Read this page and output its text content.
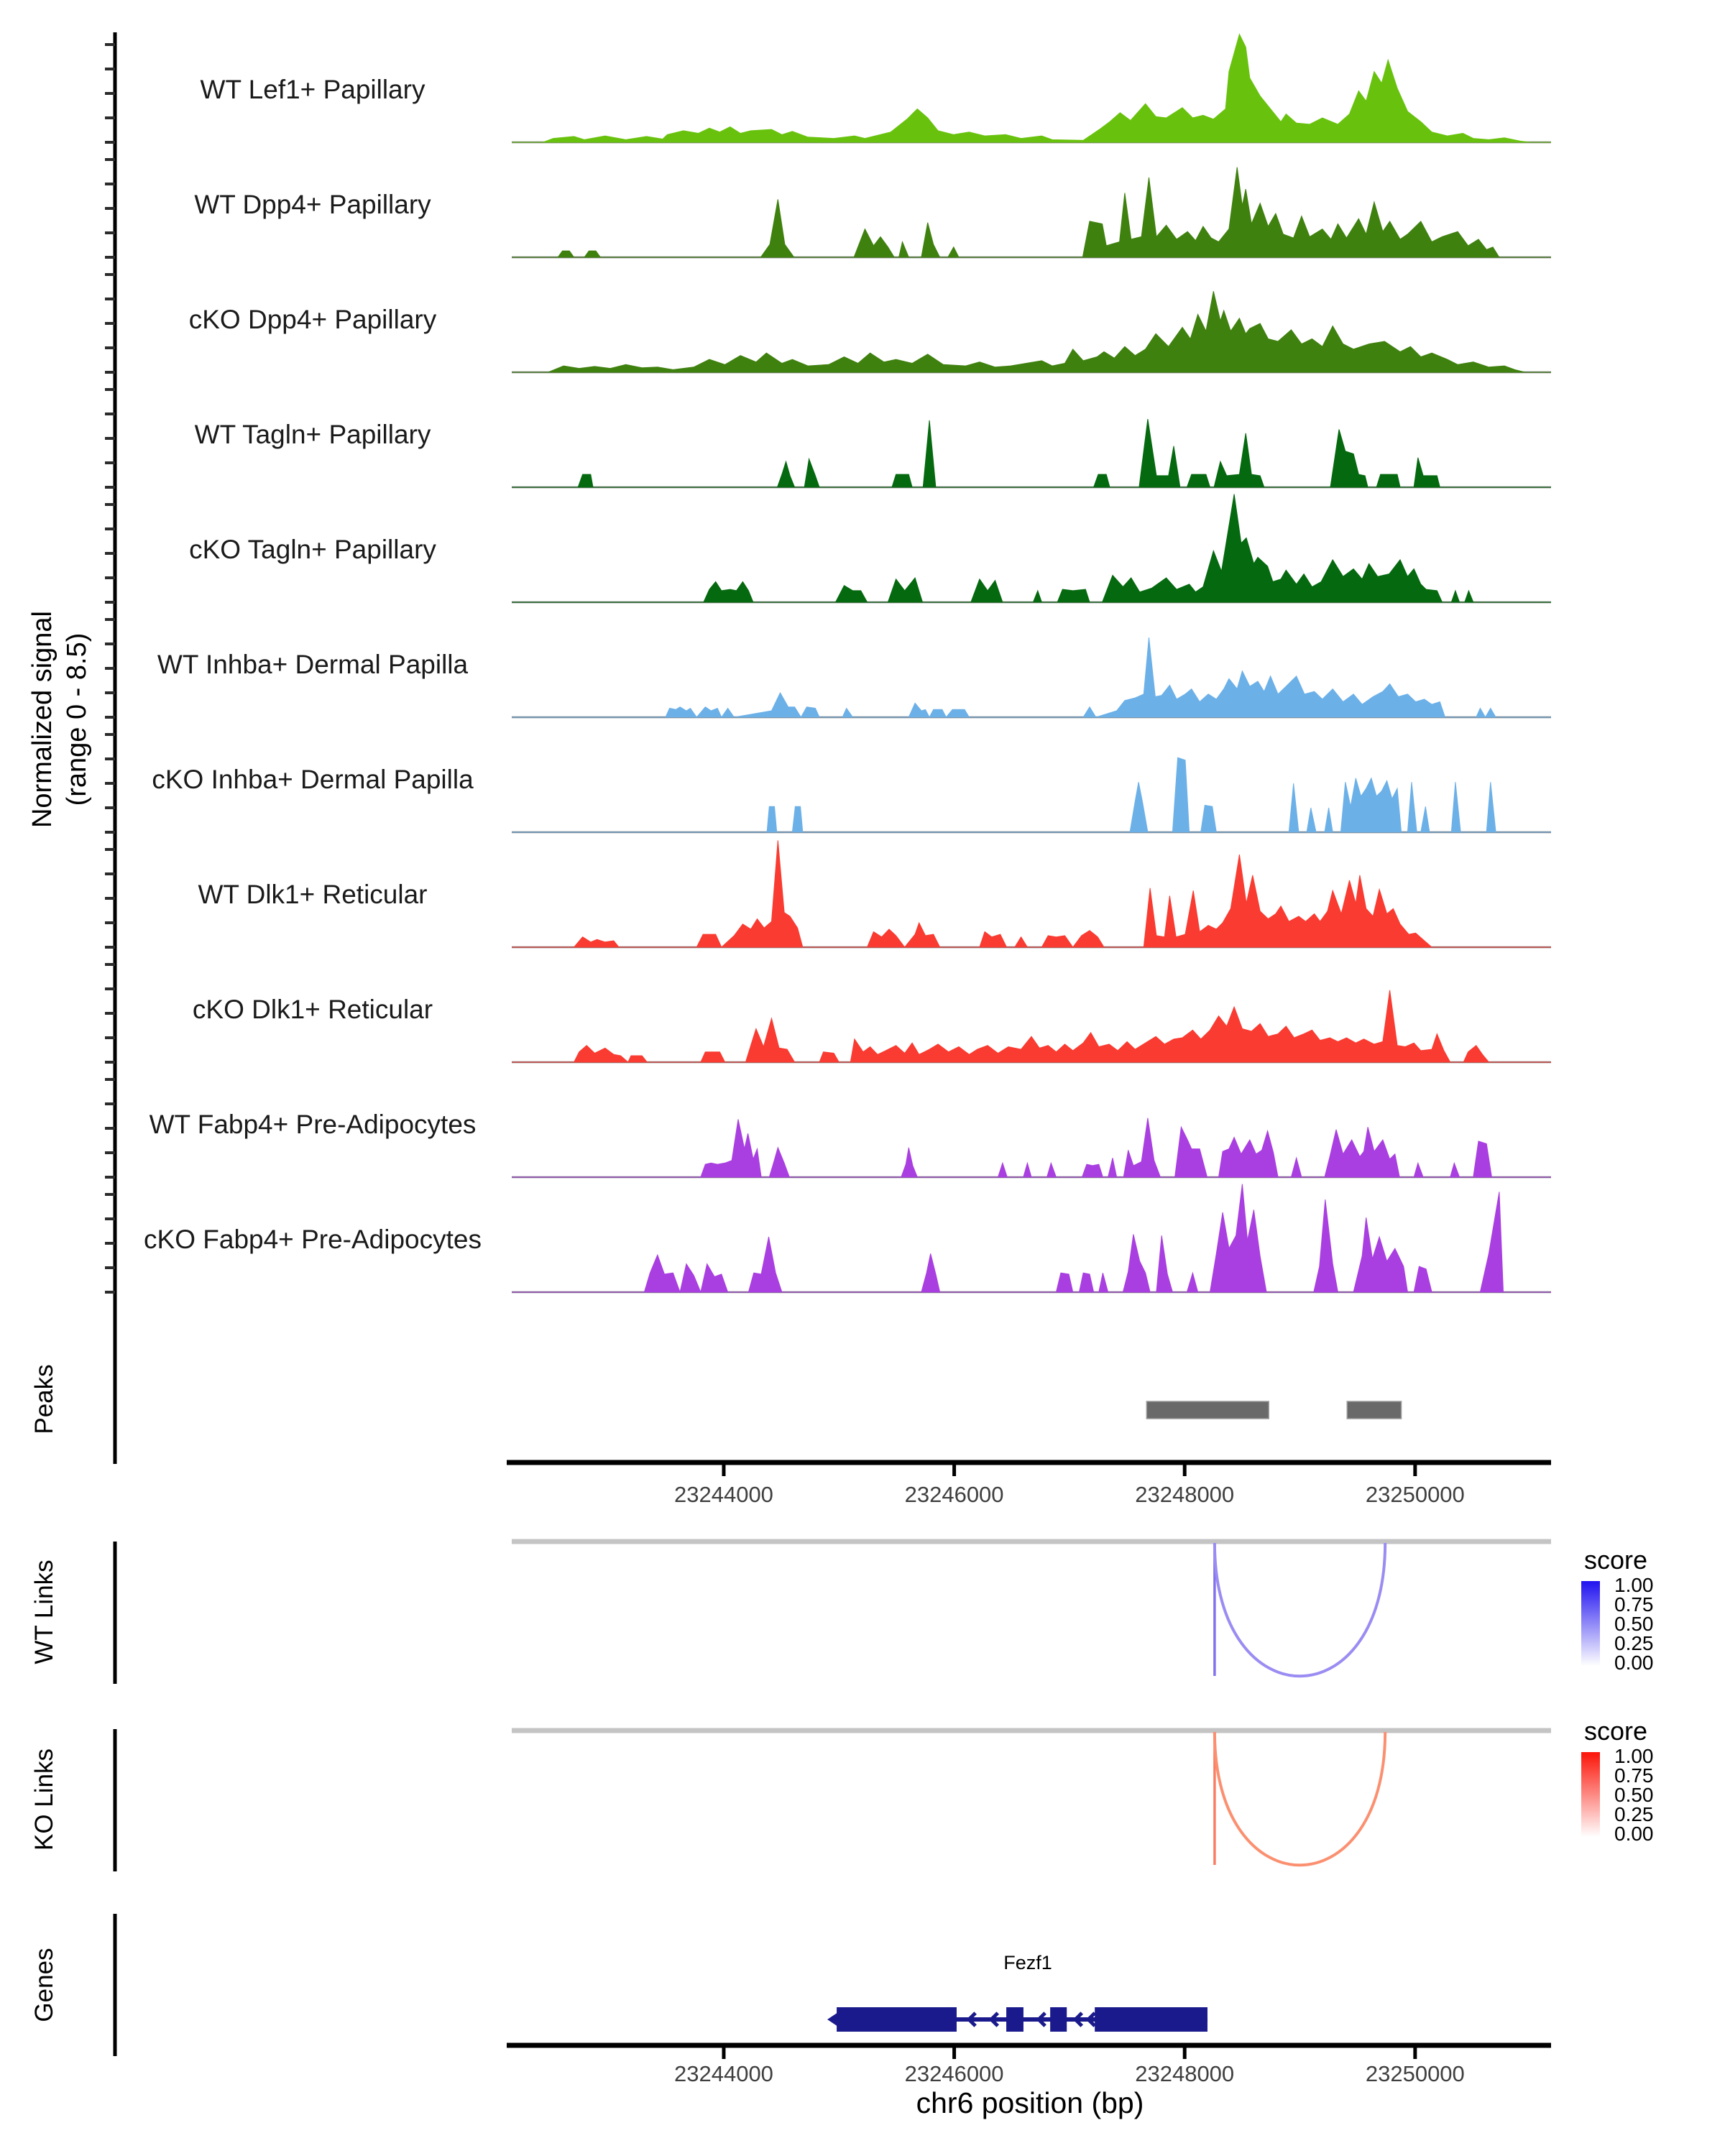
Normalized signal (range 0 - 8.5)
WT Lef1+ Papillary
WT Dpp4+ Papillary
cKO Dpp4+ Papillary
WT Tagln+ Papillary
cKO Tagln+ Papillary
WT Inhba+ Dermal Papilla
cKO Inhba+ Dermal Papilla
WT Dlk1+ Reticular
cKO Dlk1+ Reticular
WT Fabp4+ Pre-Adipocytes
cKO Fabp4+ Pre-Adipocytes
Peaks
WT Links
KO Links
Genes
23244000	23246000	23248000	23250000
23244000	23246000	23248000	23250000
chr6 position (bp)
Fezf1
score
1.00
0.75
0.50
0.25
0.00
score
1.00
0.75
0.50
0.25
0.00
